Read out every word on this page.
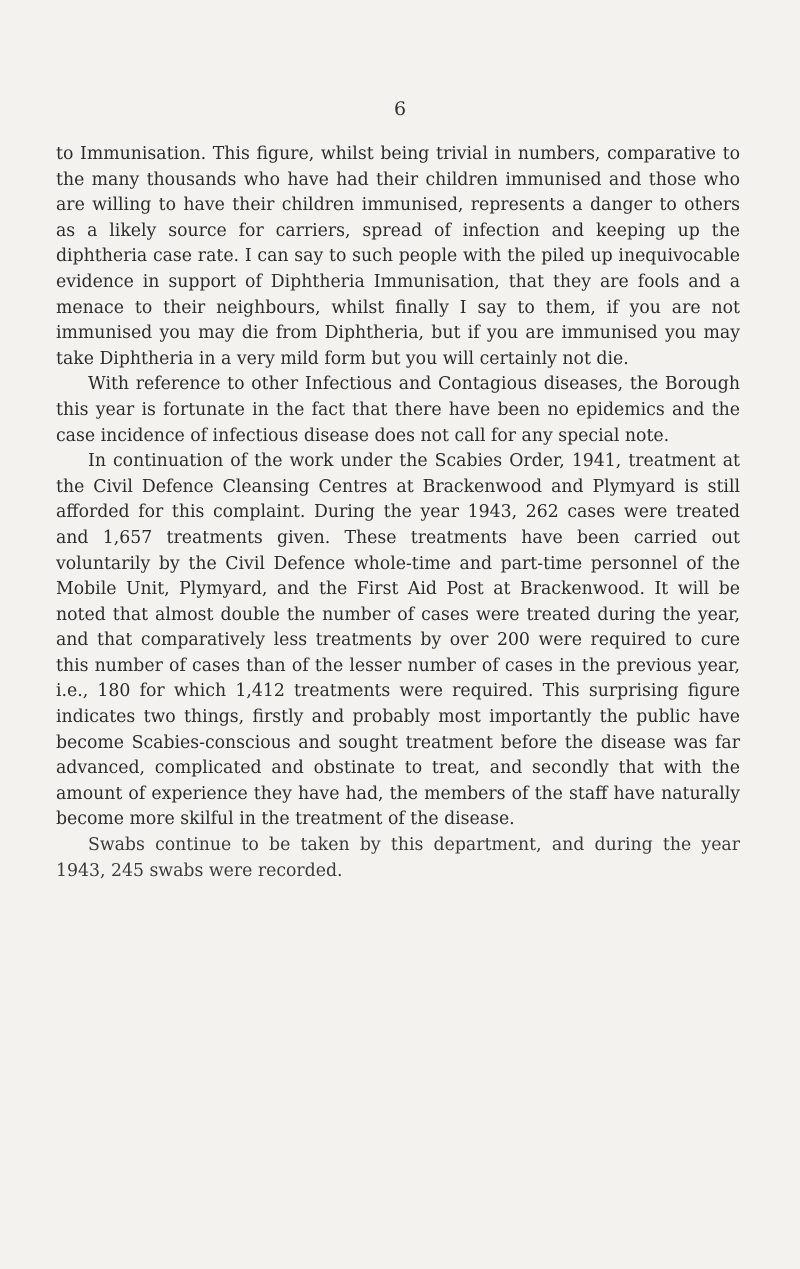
6

to Immunisation. This figure, whilst being trivial in numbers, comparative to the many thousands who have had their children immunised and those who are willing to have their children immunised, represents a danger to others as a likely source for carriers, spread of infection and keeping up the diphtheria case rate. I can say to such people with the piled up inequivocable evidence in support of Diphtheria Immunisation, that they are fools and a menace to their neighbours, whilst finally I say to them, if you are not immunised you may die from Diphtheria, but if you are immunised you may take Diphtheria in a very mild form but you will certainly not die.

With reference to other Infectious and Contagious diseases, the Borough this year is fortunate in the fact that there have been no epidemics and the case incidence of infectious disease does not call for any special note.

In continuation of the work under the Scabies Order, 1941, treatment at the Civil Defence Cleansing Centres at Brackenwood and Plymyard is still afforded for this complaint. During the year 1943, 262 cases were treated and 1,657 treatments given. These treatments have been carried out voluntarily by the Civil Defence whole-time and part-time personnel of the Mobile Unit, Plymyard, and the First Aid Post at Brackenwood. It will be noted that almost double the number of cases were treated during the year, and that comparatively less treatments by over 200 were required to cure this number of cases than of the lesser number of cases in the previous year, i.e., 180 for which 1,412 treatments were required. This surprising figure indicates two things, firstly and probably most importantly the public have become Scabies-conscious and sought treatment before the disease was far advanced, complicated and obstinate to treat, and secondly that with the amount of experience they have had, the members of the staff have naturally become more skilful in the treatment of the disease.

Swabs continue to be taken by this department, and during the year 1943, 245 swabs were recorded.
